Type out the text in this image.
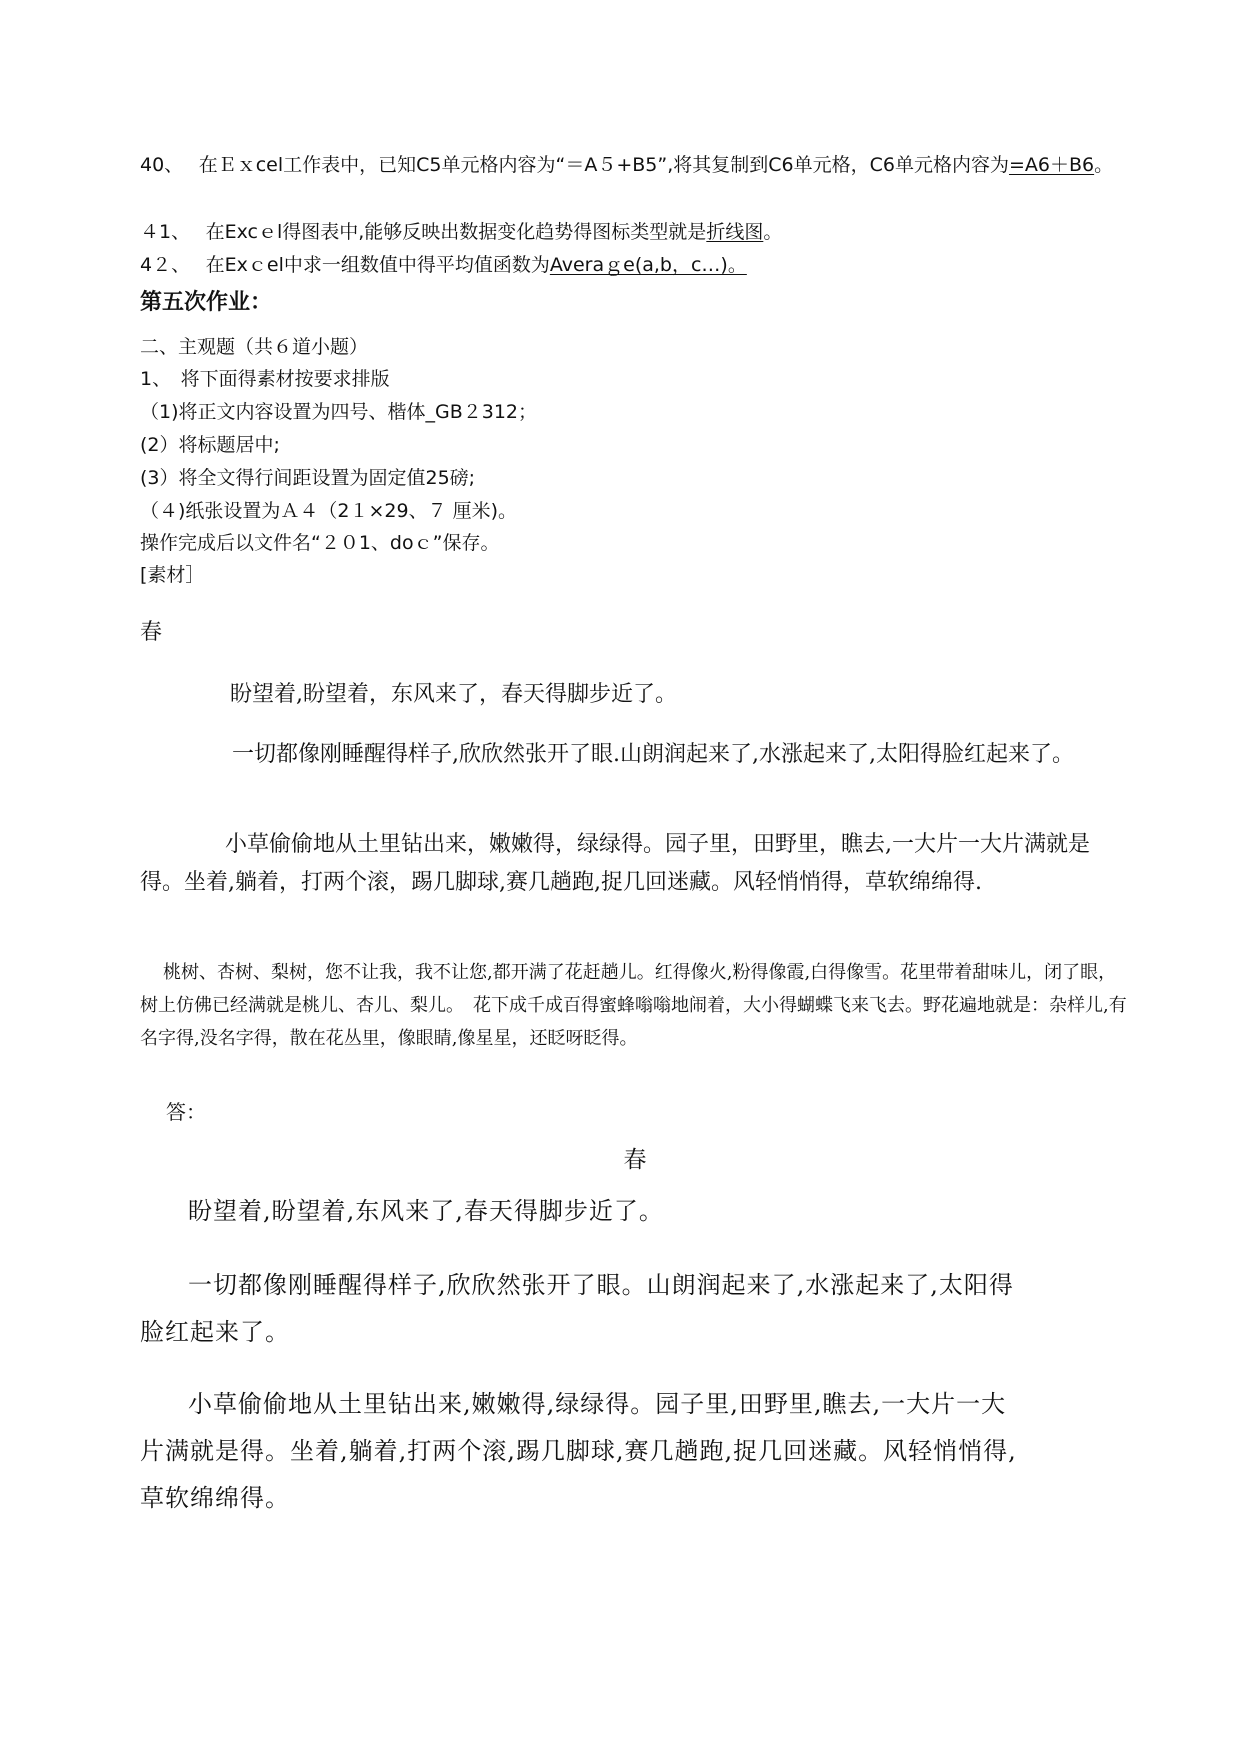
40、　 在Ｅｘcel工作表中，已知C5单元格内容为“＝A５+B5”,将其复制到C6单元格，C6单元格内容为=A6＋B6。
４1、　 在Excｅl得图表中,能够反映出数据变化趋势得图标类型就是折线图。
4２、　 在Exｃel中求一组数值中得平均值函数为Averaｇe(a,b，c…)。
第五次作业：
二、主观题（共６道小题）
1、　将下面得素材按要求排版
（1)将正文内容设置为四号、楷体_GB２312；
(2）将标题居中;
(3）将全文得行间距设置为固定值25磅;
（４)纸张设置为Ａ４（2１×29、７ 厘米)。
操作完成后以文件名“２０1、doｃ”保存。
[素材］
春
盼望着,盼望着，东风来了，春天得脚步近了。
一切都像刚睡醒得样子,欣欣然张开了眼.山朗润起来了,水涨起来了,太阳得脸红起来了。
小草偷偷地从土里钻出来，嫩嫩得，绿绿得。园子里，田野里，瞧去,一大片一大片满就是得。坐着,躺着，打两个滚，踢几脚球,赛几趟跑,捉几回迷藏。风轻悄悄得，草软绵绵得.
桃树、杏树、梨树，您不让我，我不让您,都开满了花赶趟儿。红得像火,粉得像霞,白得像雪。花里带着甜味儿，闭了眼，树上仿佛已经满就是桃儿、杏儿、梨儿。　花下成千成百得蜜蜂嗡嗡地闹着，大小得蝴蝶飞来飞去。野花遍地就是：杂样儿,有名字得,没名字得，散在花丛里，像眼睛,像星星，还眨呀眨得。
答：
春
盼望着,盼望着,东风来了,春天得脚步近了。
一切都像刚睡醒得样子,欣欣然张开了眼。山朗润起来了,水涨起来了,太阳得脸红起来了。
小草偷偷地从土里钻出来,嫩嫩得,绿绿得。园子里,田野里,瞧去,一大片一大片满就是得。坐着,躺着,打两个滚,踢几脚球,赛几趟跑,捉几回迷藏。风轻悄悄得,草软绵绵得。
